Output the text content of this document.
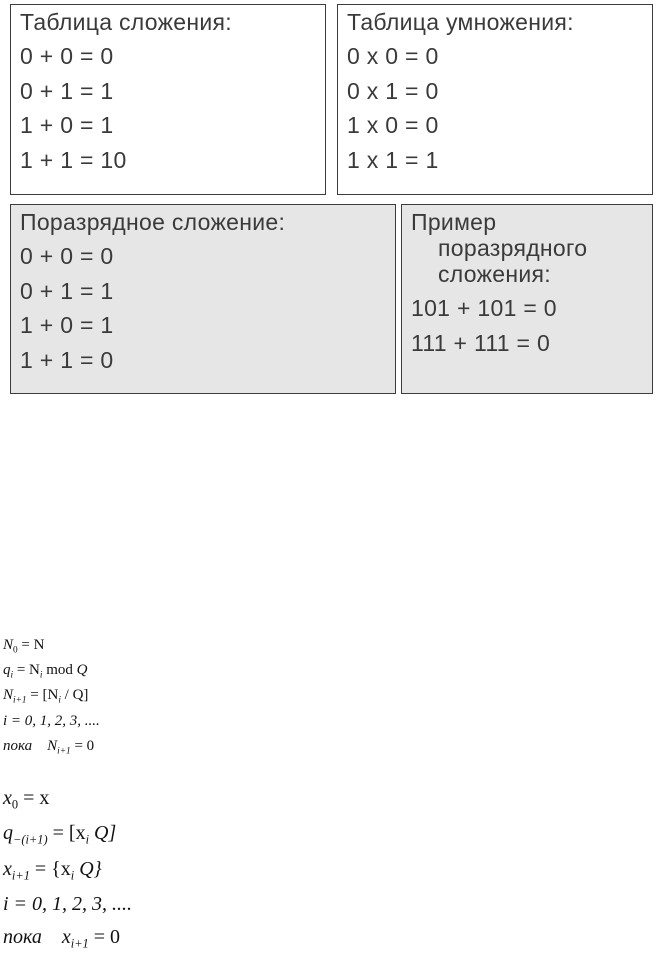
Таблица сложения:
0 + 0 = 0
0 + 1 = 1
1 + 0 = 1
1 + 1 = 10
Таблица умножения:
0 x 0 = 0
0 x 1 = 0
1 x 0 = 0
1 x 1 = 1
Поразрядное сложение:
0 + 0 = 0
0 + 1 = 1
1 + 0 = 1
1 + 1 = 0
Пример
поразрядного
сложения:
101 + 101 = 0
111 + 111 = 0
$N_0 = N$
$q_i = N_i$ mod Q
$N_{i+1} = [N_i / Q]$
i = 0, 1, 2, 3, ....
пока $N_{i+1} = 0$
$x_0 = x$
$q_{-(i+1)} = [x_i$ Q]
$x_{i+1} = \{x_i$ Q}
i = 0, 1, 2, 3, ....
пока $x_{i+1} = 0$
